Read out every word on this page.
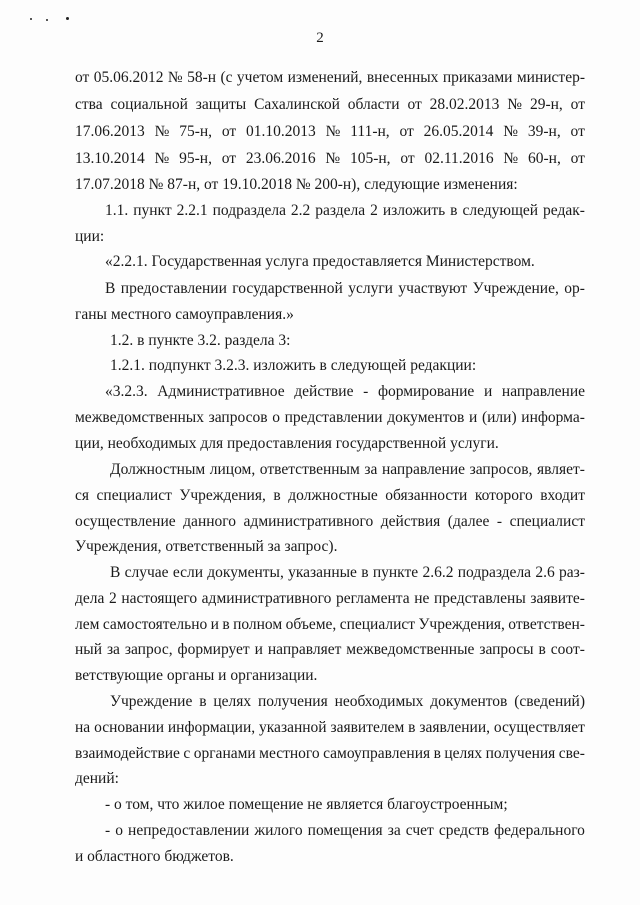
2
от 05.06.2012 № 58-н (с учетом изменений, внесенных приказами министер-
ства социальной защиты Сахалинской области от 28.02.2013 № 29-н, от
17.06.2013 № 75-н, от 01.10.2013 № 111-н, от 26.05.2014 № 39-н, от
13.10.2014 № 95-н, от 23.06.2016 № 105-н, от 02.11.2016 № 60-н, от
17.07.2018 № 87-н, от 19.10.2018 № 200-н), следующие изменения:
1.1. пункт 2.2.1 подраздела 2.2 раздела 2 изложить в следующей редак-
ции:
«2.2.1. Государственная услуга предоставляется Министерством.
В предоставлении государственной услуги участвуют Учреждение, ор-
ганы местного самоуправления.»
1.2. в пункте 3.2. раздела 3:
1.2.1. подпункт 3.2.3. изложить в следующей редакции:
«3.2.3. Административное действие - формирование и направление
межведомственных запросов о представлении документов и (или) информа-
ции, необходимых для предоставления государственной услуги.
Должностным лицом, ответственным за направление запросов, являет-
ся специалист Учреждения, в должностные обязанности которого входит
осуществление данного административного действия (далее - специалист
Учреждения, ответственный за запрос).
В случае если документы, указанные в пункте 2.6.2 подраздела 2.6 раз-
дела 2 настоящего административного регламента не представлены заявите-
лем самостоятельно и в полном объеме, специалист Учреждения, ответствен-
ный за запрос, формирует и направляет межведомственные запросы в соот-
ветствующие органы и организации.
Учреждение в целях получения необходимых документов (сведений)
на основании информации, указанной заявителем в заявлении, осуществляет
взаимодействие с органами местного самоуправления в целях получения све-
дений:
- о том, что жилое помещение не является благоустроенным;
- о непредоставлении жилого помещения за счет средств федерального
и областного бюджетов.
